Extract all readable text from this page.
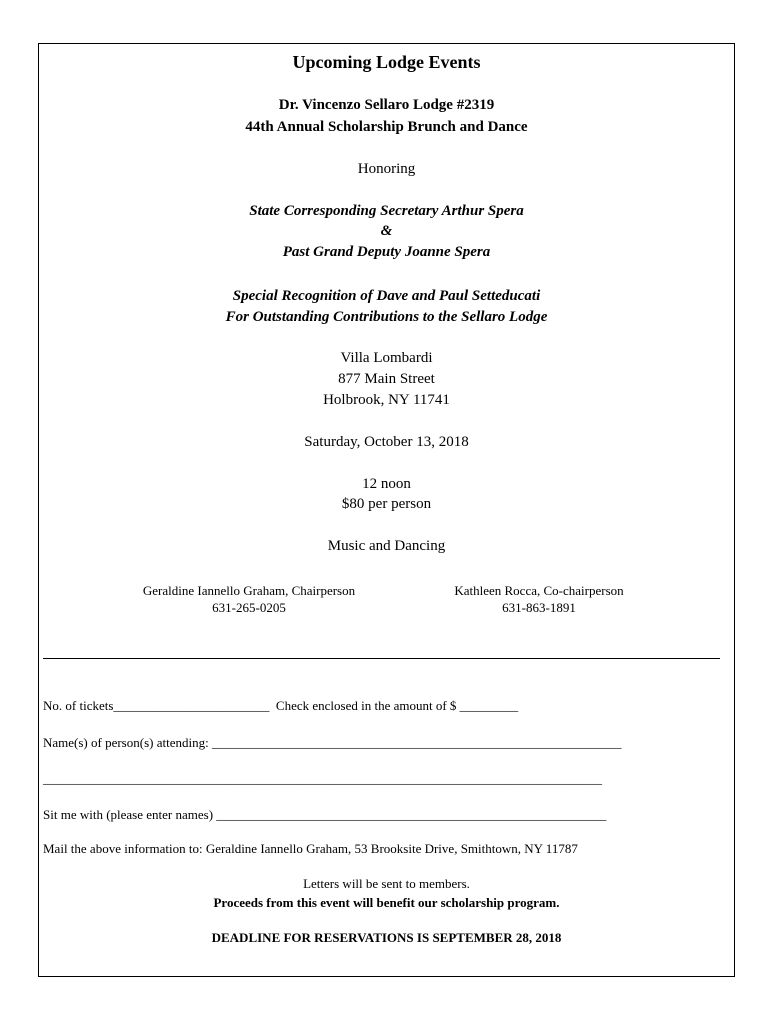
Upcoming Lodge Events
Dr. Vincenzo Sellaro Lodge #2319
44th Annual Scholarship Brunch and Dance
Honoring
State Corresponding Secretary Arthur Spera
&
Past Grand Deputy Joanne Spera
Special Recognition of Dave and Paul Setteducati
For Outstanding Contributions to the Sellaro Lodge
Villa Lombardi
877 Main Street
Holbrook, NY 11741
Saturday, October 13, 2018
12 noon
$80 per person
Music and Dancing
Geraldine Iannello Graham, Chairperson
631-265-0205
Kathleen Rocca, Co-chairperson
631-863-1891
No. of tickets________________________ Check enclosed in the amount of $ _________
Name(s) of person(s) attending: _______________________________________________________________
______________________________________________________________________________________
Sit me with (please enter names) ____________________________________________________________
Mail the above information to: Geraldine Iannello Graham, 53 Brooksite Drive, Smithtown, NY 11787
Letters will be sent to members.
Proceeds from this event will benefit our scholarship program.
DEADLINE FOR RESERVATIONS IS SEPTEMBER 28, 2018
